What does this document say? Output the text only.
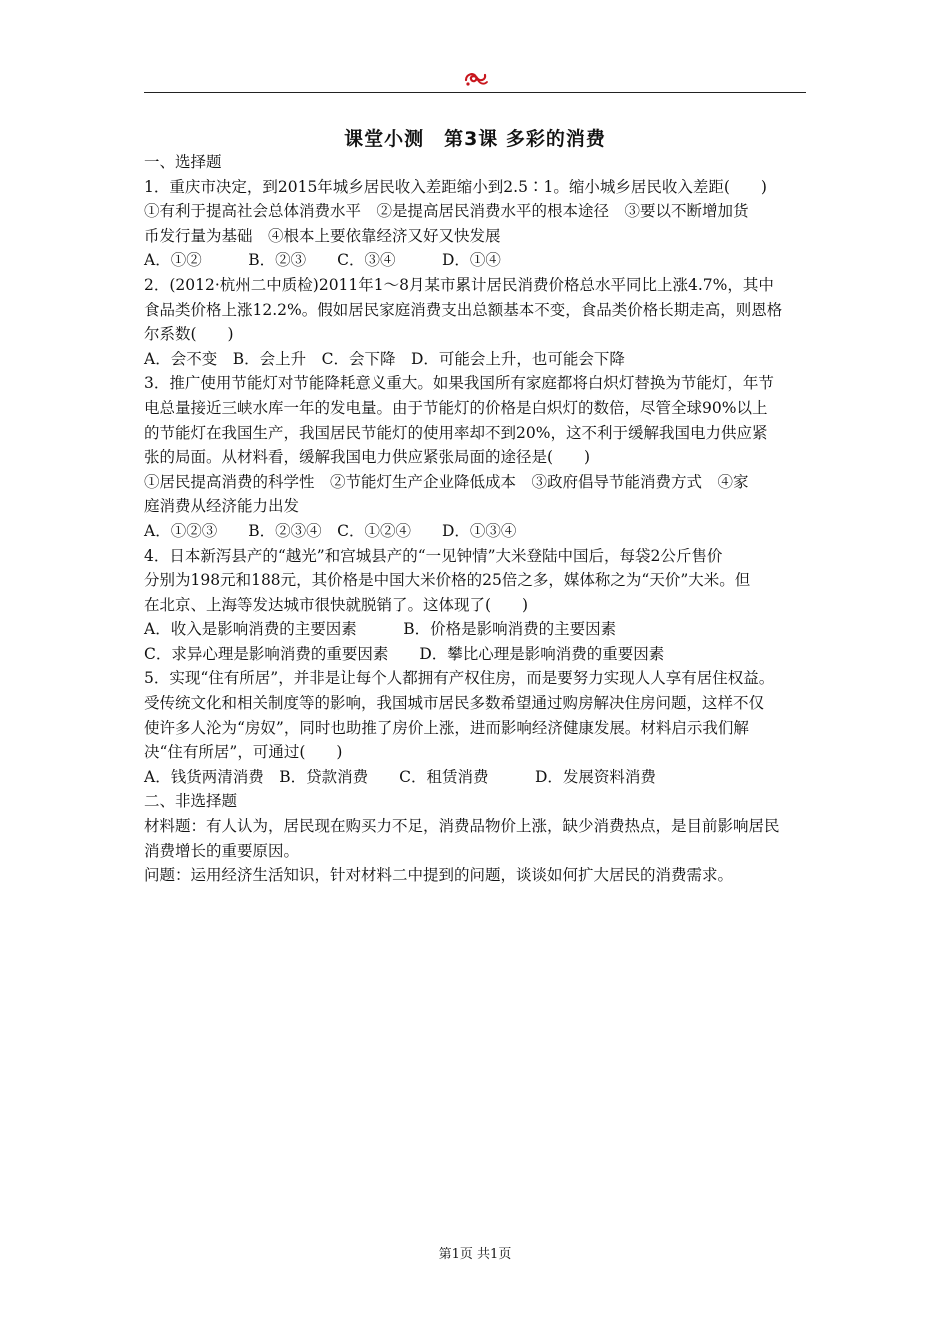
课堂小测　第3课 多彩的消费
一、选择题
1．重庆市决定，到2015年城乡居民收入差距缩小到2.5∶1。缩小城乡居民收入差距(　　)
①有利于提高社会总体消费水平　②是提高居民消费水平的根本途径　③要以不断增加货
币发行量为基础　④根本上要依靠经济又好又快发展
A．①②　　　B．②③　　C．③④　　　D．①④
2．(2012·杭州二中质检)2011年1～8月某市累计居民消费价格总水平同比上涨4.7%，其中
食品类价格上涨12.2%。假如居民家庭消费支出总额基本不变，食品类价格长期走高，则恩格
尔系数(　　)
A．会不变　B．会上升　C．会下降　D．可能会上升，也可能会下降
3．推广使用节能灯对节能降耗意义重大。如果我国所有家庭都将白炽灯替换为节能灯，年节
电总量接近三峡水库一年的发电量。由于节能灯的价格是白炽灯的数倍，尽管全球90%以上
的节能灯在我国生产，我国居民节能灯的使用率却不到20%，这不利于缓解我国电力供应紧
张的局面。从材料看，缓解我国电力供应紧张局面的途径是(　　)
①居民提高消费的科学性　②节能灯生产企业降低成本　③政府倡导节能消费方式　④家
庭消费从经济能力出发
A．①②③　　B．②③④　C．①②④　　D．①③④
4．日本新泻县产的“越光”和宫城县产的“一见钟情”大米登陆中国后，每袋2公斤售价
分别为198元和188元，其价格是中国大米价格的25倍之多，媒体称之为“天价”大米。但
在北京、上海等发达城市很快就脱销了。这体现了(　　)
A．收入是影响消费的主要因素　　　B．价格是影响消费的主要因素
C．求异心理是影响消费的重要因素　　D．攀比心理是影响消费的重要因素
5．实现“住有所居”，并非是让每个人都拥有产权住房，而是要努力实现人人享有居住权益。
受传统文化和相关制度等的影响，我国城市居民多数希望通过购房解决住房问题，这样不仅
使许多人沦为“房奴”，同时也助推了房价上涨，进而影响经济健康发展。材料启示我们解
决“住有所居”，可通过(　　)
A．钱货两清消费　B．贷款消费　　C．租赁消费　　　D．发展资料消费
二、非选择题
材料题：有人认为，居民现在购买力不足，消费品物价上涨，缺少消费热点，是目前影响居民
消费增长的重要原因。
问题：运用经济生活知识，针对材料二中提到的问题，谈谈如何扩大居民的消费需求。
第1页 共1页
